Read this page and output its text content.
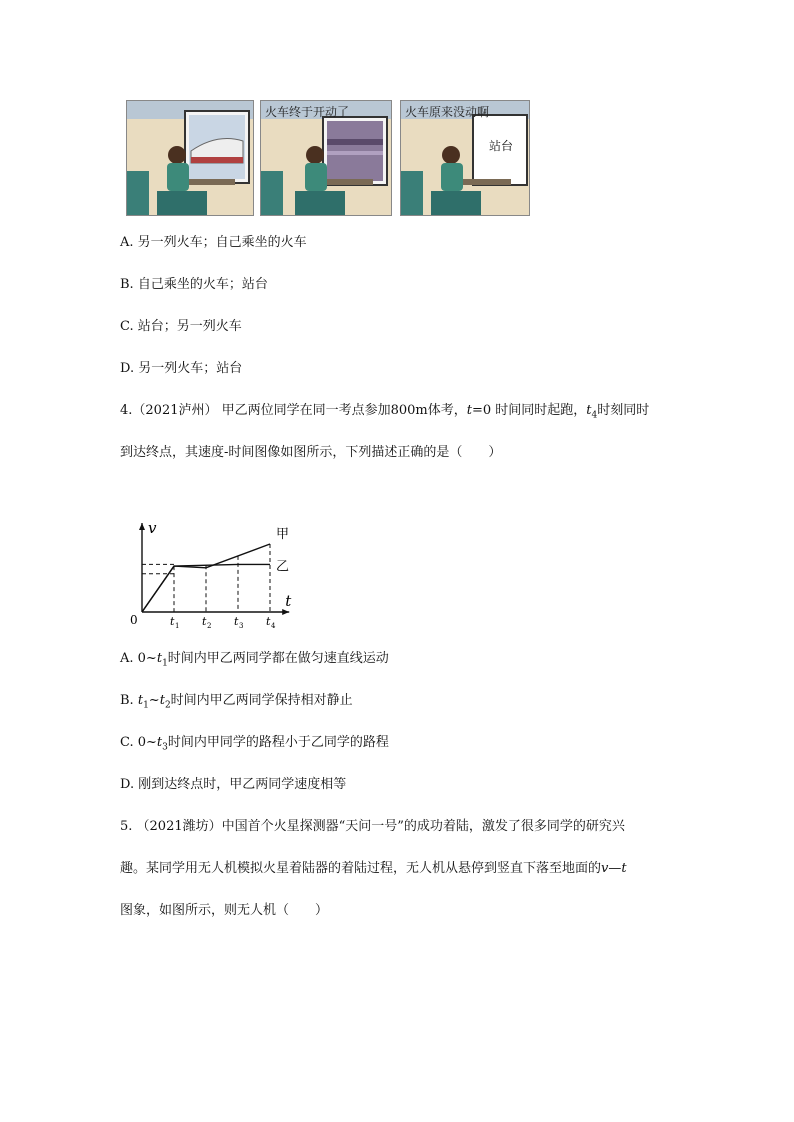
火车终于开动了	火车原来没动啊
站台
A. 另一列火车；自己乘坐的火车
B. 自己乘坐的火车；站台
C. 站台；另一列火车
D. 另一列火车；站台
4.（2021泸州） 甲乙两位同学在同一考点参加800m体考，t=0 时间同时起跑，$t_4$时刻同时
到达终点，其速度-时间图像如图所示，下列描述正确的是（　　）
甲
乙
v
t
0	t 1 t 2 t 3 t 4
A. $0\sim t_1$时间内甲乙两同学都在做匀速直线运动
B. $t_1\sim t_2$时间内甲乙两同学保持相对静止
C. $0\sim t_3$时间内甲同学的路程小于乙同学的路程
D. 刚到达终点时，甲乙两同学速度相等
5. （2021潍坊）中国首个火星探测器“天问一号”的成功着陆，激发了很多同学的研究兴
趣。某同学用无人机模拟火星着陆器的着陆过程，无人机从悬停到竖直下落至地面的v—t
图象，如图所示，则无人机（　　）
